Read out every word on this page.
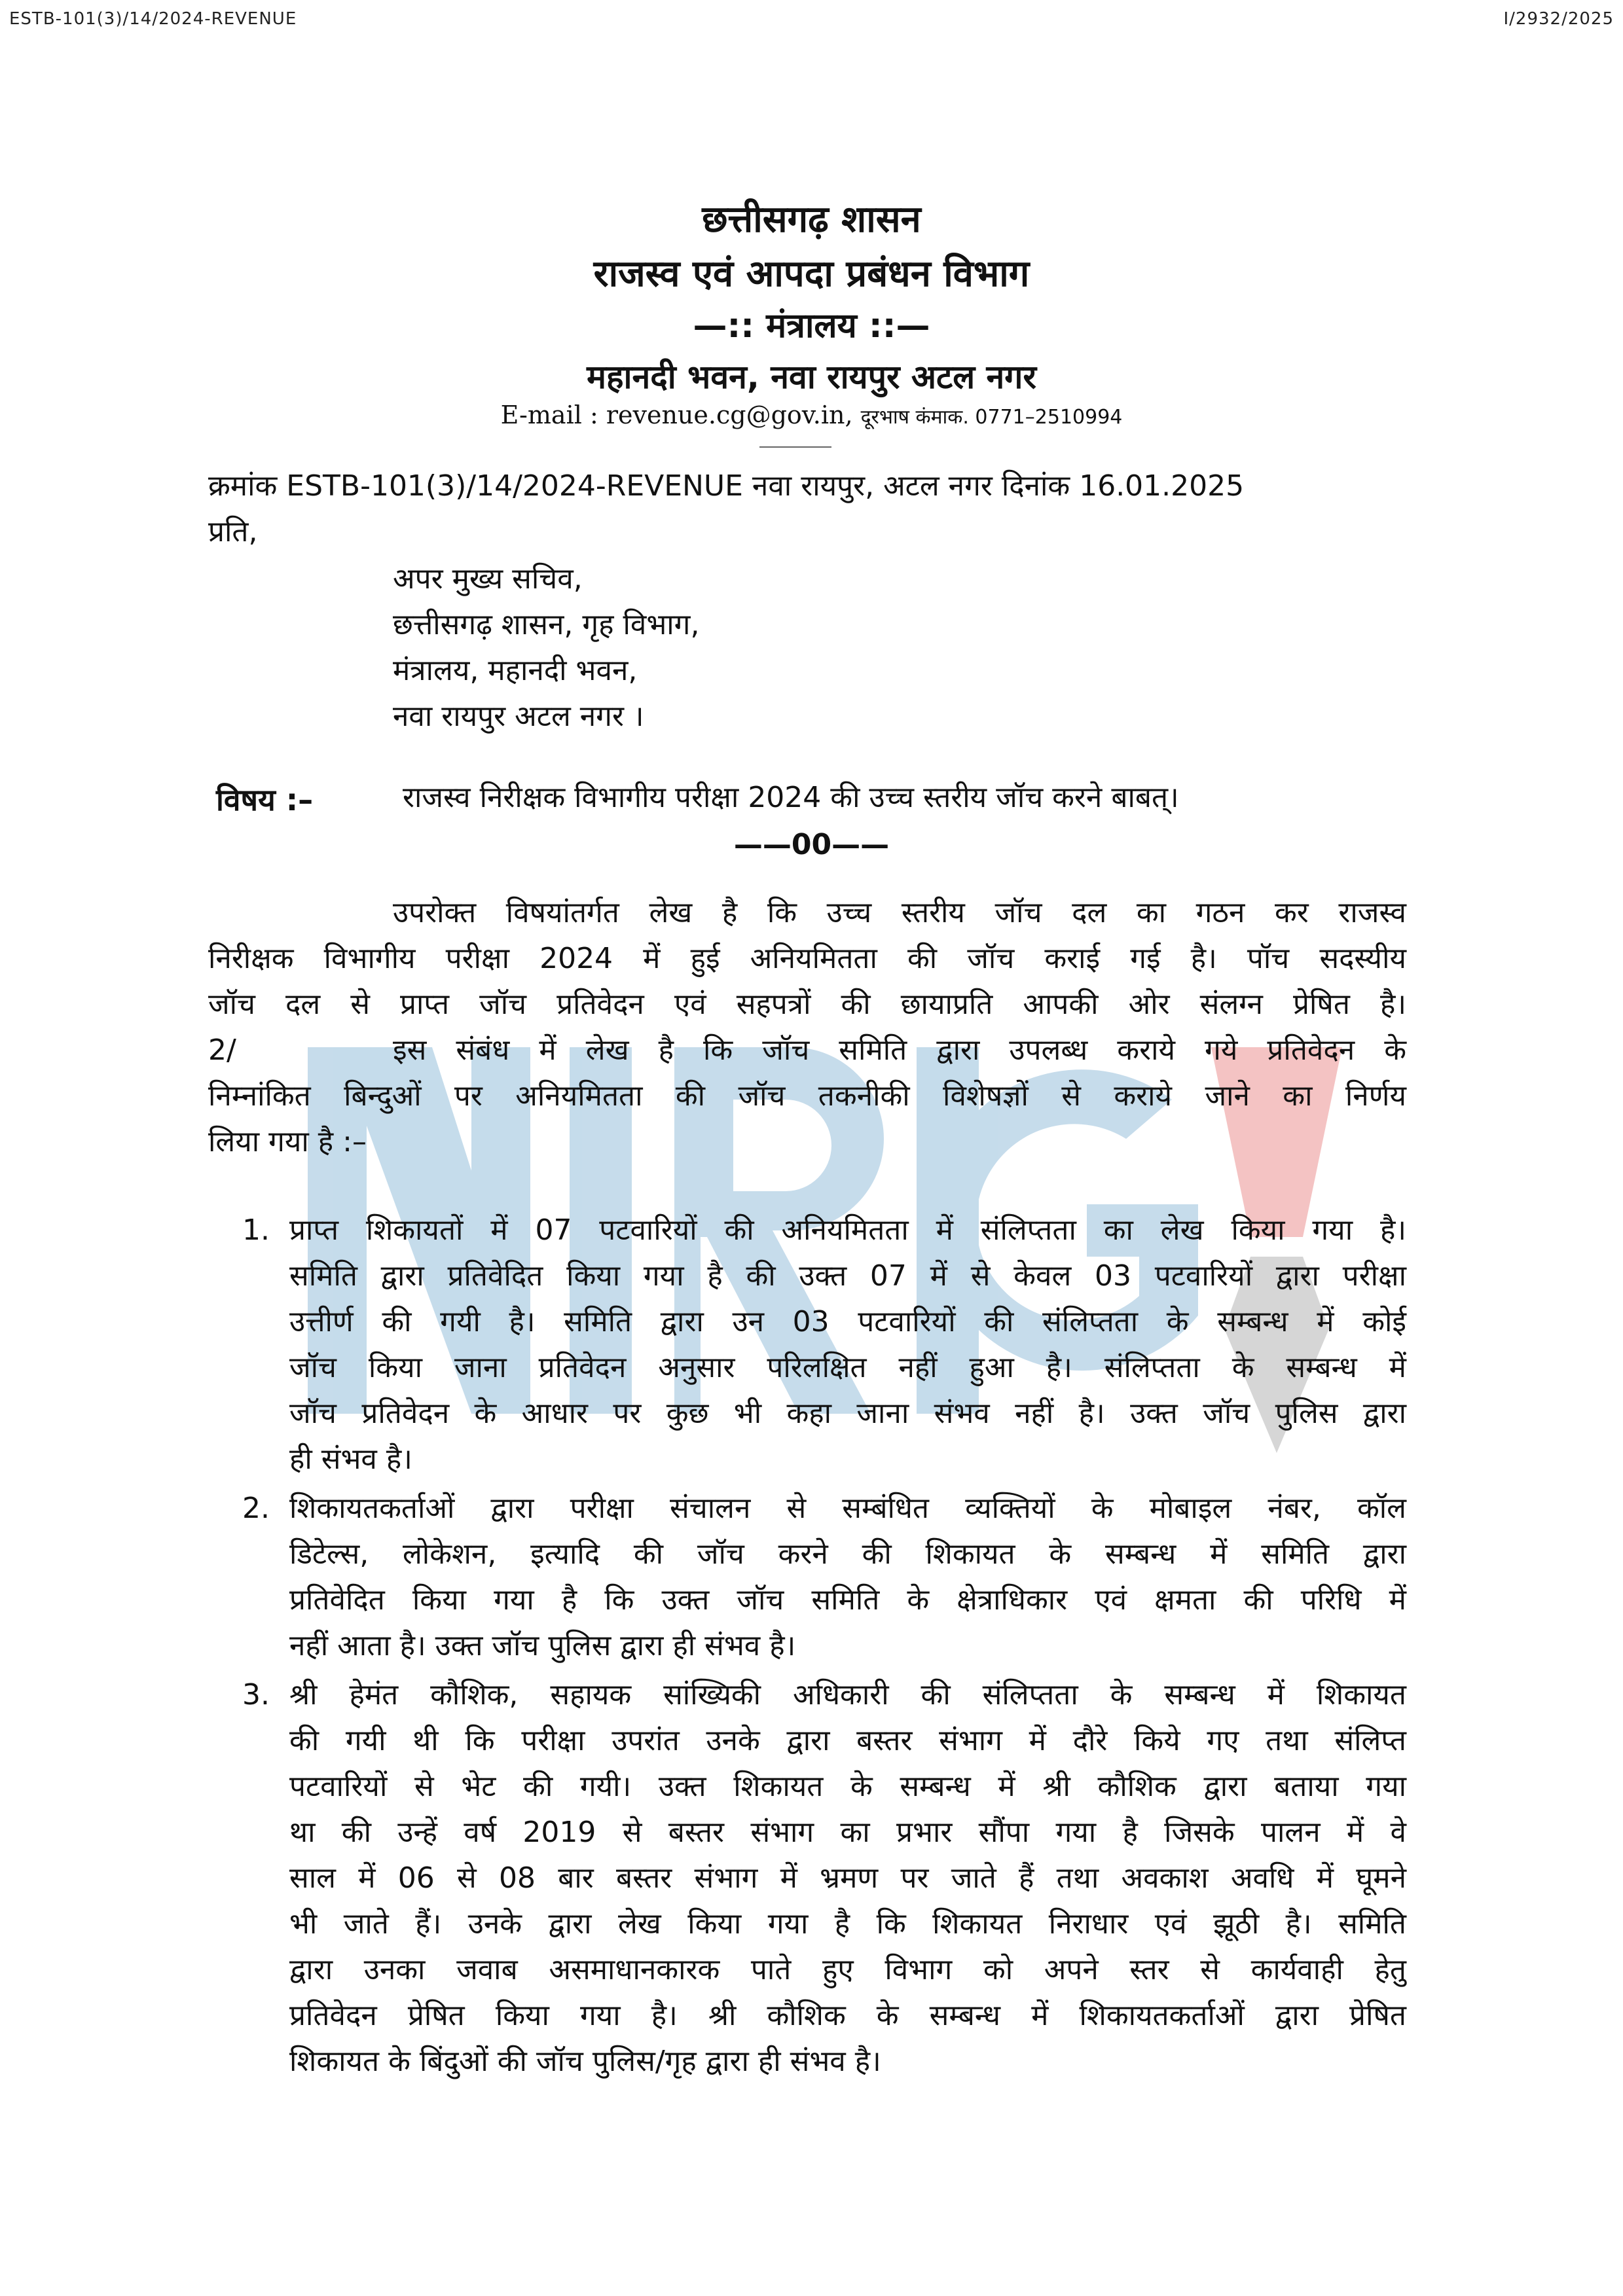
ESTB-101(3)/14/2024-REVENUE	I/2932/2025
छत्तीसगढ़ शासन
राजस्व एवं आपदा प्रबंधन विभाग
—:: मंत्रालय ::—
महानदी भवन, नवा रायपुर अटल नगर
E-mail : revenue.cg@gov.in, दूरभाष कंमाक. 0771–2510994
क्रमांक ESTB-101(3)/14/2024-REVENUE नवा रायपुर, अटल नगर दिनांक 16.01.2025
प्रति,
अपर मुख्य सचिव,
छत्तीसगढ़ शासन, गृह विभाग,
मंत्रालय, महानदी भवन,
नवा रायपुर अटल नगर ।
विषय :–	राजस्व निरीक्षक विभागीय परीक्षा 2024 की उच्च स्तरीय जॉच करने बाबत्।
——00——
उपरोक्त विषयांतर्गत लेख है कि उच्च स्तरीय जॉच दल का गठन कर राजस्व
निरीक्षक विभागीय परीक्षा 2024 में हुई अनियमितता की जॉच कराई गई है। पॉच सदस्यीय
जॉच दल से प्राप्त जॉच प्रतिवेदन एवं सहपत्रों की छायाप्रति आपकी ओर संलग्न प्रेषित है।
2/	इस संबंध में लेख है कि जॉच समिति द्वारा उपलब्ध कराये गये प्रतिवेदन के
निम्नांकित बिन्दुओं पर अनियमितता की जॉच तकनीकी विशेषज्ञों से कराये जाने का निर्णय
लिया गया है :–
1. प्राप्त शिकायतों में 07 पटवारियों की अनियमितता में संलिप्तता का लेख किया गया है।
समिति द्वारा प्रतिवेदित किया गया है की उक्त 07 में से केवल 03 पटवारियों द्वारा परीक्षा
उत्तीर्ण की गयी है। समिति द्वारा उन 03 पटवारियों की संलिप्तता के सम्बन्ध में कोई
जॉच किया जाना प्रतिवेदन अनुसार परिलक्षित नहीं हुआ है। संलिप्तता के सम्बन्ध में
जॉच प्रतिवेदन के आधार पर कुछ भी कहा जाना संभव नहीं है। उक्त जॉच पुलिस द्वारा
ही संभव है।
2. शिकायतकर्ताओं द्वारा परीक्षा संचालन से सम्बंधित व्यक्तियों के मोबाइल नंबर, कॉल
डिटेल्स, लोकेशन, इत्यादि की जॉच करने की शिकायत के सम्बन्ध में समिति द्वारा
प्रतिवेदित किया गया है कि उक्त जॉच समिति के क्षेत्राधिकार एवं क्षमता की परिधि में
नहीं आता है। उक्त जॉच पुलिस द्वारा ही संभव है।
3. श्री हेमंत कौशिक, सहायक सांख्यिकी अधिकारी की संलिप्तता के सम्बन्ध में शिकायत
की गयी थी कि परीक्षा उपरांत उनके द्वारा बस्तर संभाग में दौरे किये गए तथा संलिप्त
पटवारियों से भेट की गयी। उक्त शिकायत के सम्बन्ध में श्री कौशिक द्वारा बताया गया
था की उन्हें वर्ष 2019 से बस्तर संभाग का प्रभार सौंपा गया है जिसके पालन में वे
साल में 06 से 08 बार बस्तर संभाग में भ्रमण पर जाते हैं तथा अवकाश अवधि में घूमने
भी जाते हैं। उनके द्वारा लेख किया गया है कि शिकायत निराधार एवं झूठी है। समिति
द्वारा उनका जवाब असमाधानकारक पाते हुए विभाग को अपने स्तर से कार्यवाही हेतु
प्रतिवेदन प्रेषित किया गया है। श्री कौशिक के सम्बन्ध में शिकायतकर्ताओं द्वारा प्रेषित
शिकायत के बिंदुओं की जॉच पुलिस/गृह द्वारा ही संभव है।
